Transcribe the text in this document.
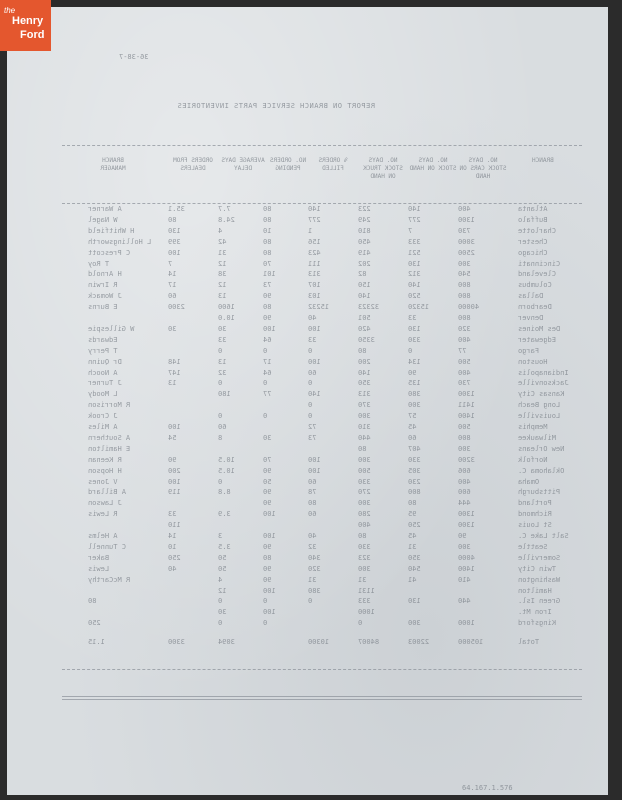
36-38-7
REPORT ON BRANCH SERVICE PARTS INVENTORIES
BRANCH
NO. DAYS STOCK CARS ON HAND
NO. DAYS STOCK ON HAND
NO. DAYS STOCK TRUCK ON HAND
% ORDERS FILLED
NO. ORDERS PENDING
AVERAGE DAYS DELAY
ORDERS FROM DEALERS
BRANCH MANAGER
Atlanta
400
140
223
140
80
7.7
35.1
A Warner
Buffalo
1300
277
249
277
80
24.8
80
W Nagel
Charlotte
730
7
810
1
10
4
130
H Whitfield
Chester
3000
333
450
156
80
42
399
L Hollingsworth
Chicago
2500
521
419
423
80
31
100
C Prescott
Cincinnati
300
130
202
111
70
12
7
T Roy
Cleveland
540
312
82
313
101
38
14
H Arnold
Columbus
800
140
150
107
73
12
17
R Irwin
Dallas
800
520
140
103
90
13
60
J Womack
Dearborn
40000
15320
32323
15232
80
1600
2300
E Burns
Denver
800
33
501
40
90
10.0
Des Moines
320
130
420
100
100
30
30
W Gillespie
Edgewater
400
330
3350
33
64
33
Edwards
Fargo
77
0
80
0
0
0
T Perry
Houston
500
134
200
100
17
13
148
Dr Quinn
Indianapolis
400
90
140
60
64
32
147
A Nooch
Jacksonville
730
135
350
0
0
0
13
J Turner
Kansas City
1300
380
313
140
77
180
L Moody
Long Beach
1411
300
370
0
R Morrison
Louisville
1400
57
300
0
0
0
J Crook
Memphis
500
45
310
72
60
100
A Miles
Milwaukee
800
60
440
73
30
8
54
A Southern
New Orleans
300
407
80
E Hamilton
Norfolk
3200
330
300
100
70
10.5
90
R Keenan
Oklahoma C.
606
305
500
100
90
10.5
200
H Hopson
Omaha
400
230
330
60
50
0
100
V Jones
Pittsburgh
600
800
270
78
90
8.8
119
A Billard
Portland
444
80
300
80
90
J Lawson
Richmond
1300
95
280
60
100
3.9
33
R Lewis
St Louis
1300
250
400
110
Salt Lake C.
90
45
80
40
100
3
14
A Helms
Seattle
300
31
330
32
90
3.5
10
C Tunnell
Somerville
4000
350
323
340
80
50
250
Baker
Twin City
1400
540
300
320
90
50
40
Lewis
Washington
410
41
31
31
90
4
R McCarthy
Hamilton
1131
380
100
12
Green Isl.
440
130
333
0
0
0
80
Iron Mt.
1000
100
30
Kingsford
1000
300
0
0
0
250
Total
105000
22003
84007
10300
3094
3300
1.15
64.167.1.576
the
Henry
Ford
